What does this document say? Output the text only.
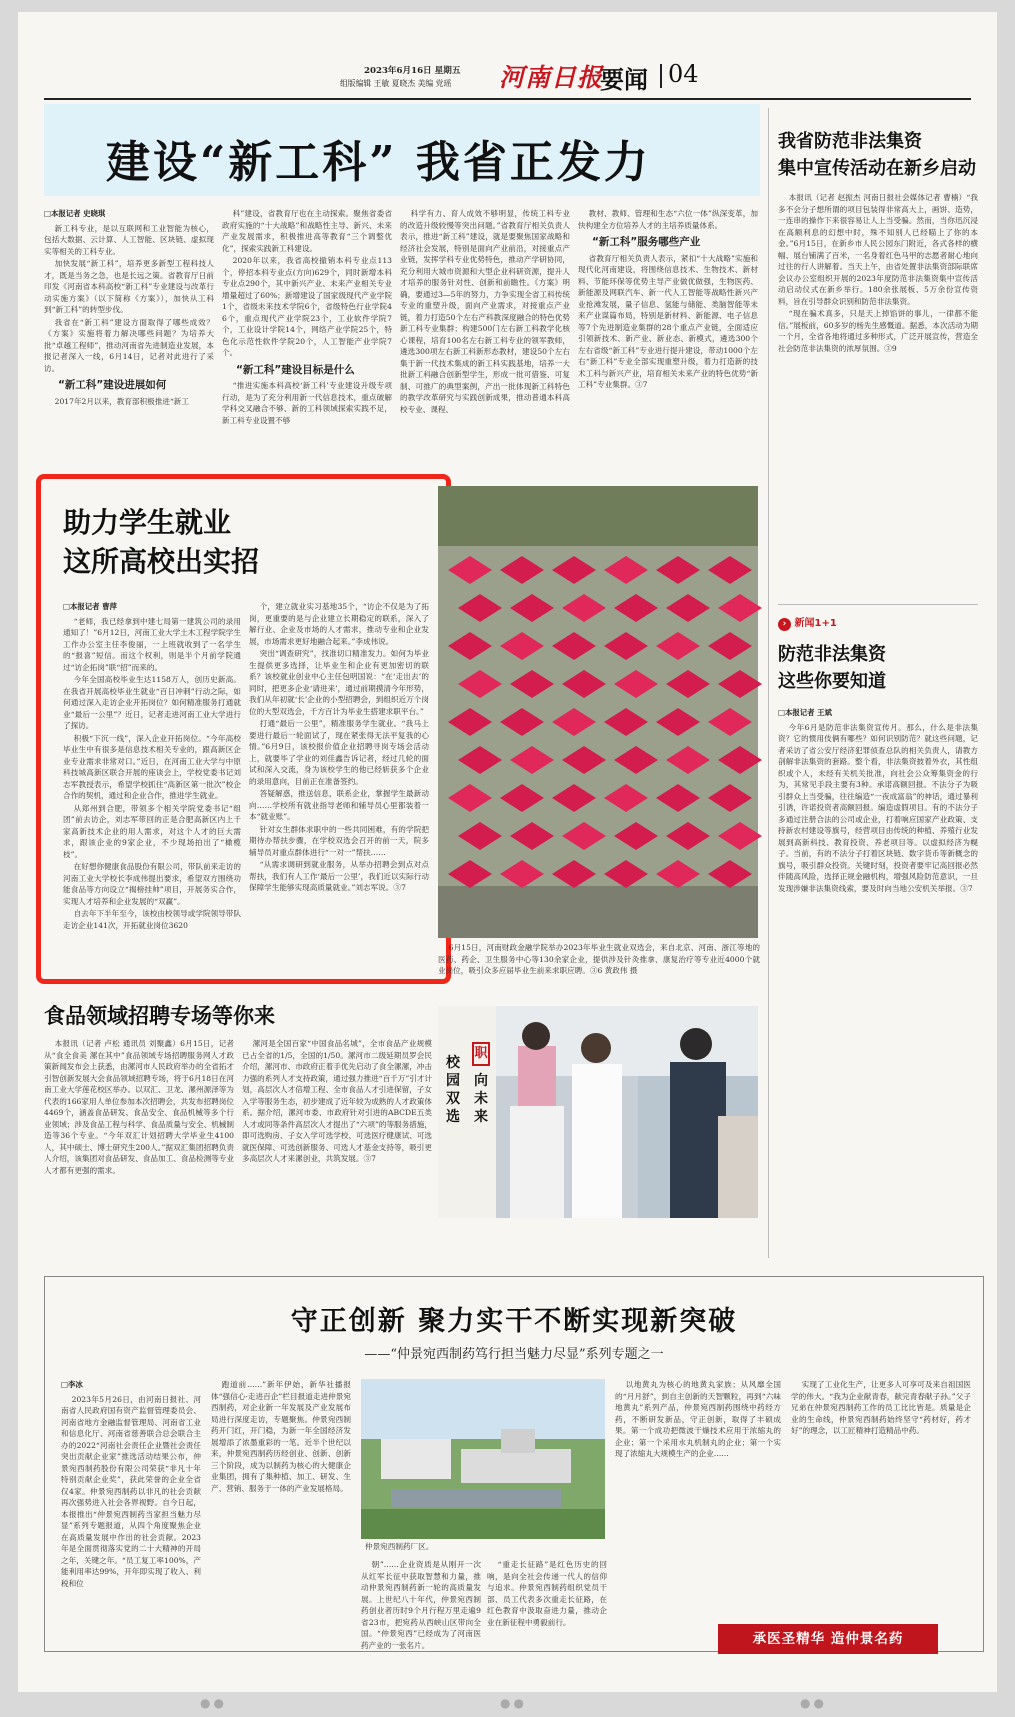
2023年6月16日 星期五
组版编辑 王敏 夏晓杰 美编 党瑶 河南日报
要闻 04
建设“新工科” 我省正发力
□本报记者 史晓琪

新工科专业，是以互联网和工业智能为核心，包括大数据、云计算、人工智能、区块链、虚拟现实等相关的工科专业。

加快发展“新工科”，培养更多新型工程科技人才，既是当务之急，也是长远之策。省教育厅日前印发《河南省本科高校“新工科”专业建设与改革行动实施方案》（以下简称《方案》），加快从工科到“新工科”的转型步伐。

我省在“新工科”建设方面取得了哪些成效？《方案》实施将着力解决哪些问题？为培养大批“卓越工程师”，推动河南省先进制造业发展，本报记者深入一线，6月14日，记者对此进行了采访。

“新工科”建设进展如何

2017年2月以来，教育部积极推进“新工

科”建设，省教育厅也在主动探索。聚焦省委省政府实施的“十大战略”和战略性主导、新兴、未来产业发展需求，积极推进高等教育“三个调整优化”，探索实践新工科建设。

2020年以来，我省高校撤销本科专业点113个，停招本科专业点(方向)629个，同时新增本科专业点290个，其中新兴产业、未来产业相关专业增量超过了60%；新增建设了国家级现代产业学院1个，省级未来技术学院6个，省级特色行业学院46个，重点现代产业学院23个，工业软件学院7个，工业设计学院14个，网络产业学院25个，特色化示范性软件学院20个，人工智能产业学院7个。

“新工科”建设目标是什么

“推进实施本科高校‘新工科’专业建设升级专项行动，是为了充分利用新一代信息技术，重点破解学科交叉融合不够、新的工科领域探索实践不足，新工科专业设置不够

科学有力、育人成效不够明显，传统工科专业的改造升级较慢等突出问题。”省教育厅相关负责人表示，推进“新工科”建设，就是要聚焦国家战略和经济社会发展，特别是面向产业前沿，对接重点产业链，发挥学科专业优势特色，推动产学研协同，充分利用大城市资源和大型企业科研资源，提升人才培养的服务针对性、创新和前瞻性。《方案》明确，要通过3—5年的努力，力争实现全省工科传统专业的重塑升级，面向产业需求，对接重点产业链，着力打造50个左右产科教深度融合的特色优势新工科专业集群；构建500门左右新工科教学化核心课程，培育100名左右新工科专业的领军教师，遴选300项左右新工科新形态教材，建设50个左右集于新一代技术集成的新工科实践基地，培养一大批新工科融合创新型学生，形成一批可借鉴、可复制、可推广的典型案例，产出一批体现新工科特色的教学改革研究与实践创新成果，推动普通本科高校专业、课程、

教材、教师、管理和生态“六位一体”纵深变革，加快构建全方位培养人才的主培养质量体系。

“新工科”服务哪些产业

省教育厅相关负责人表示，紧扣“十大战略”实施和现代化河南建设，将围绕信息技术、生物技术、新材料、节能环保等优势主导产业做优做强，生物医药、新能源及网联汽车、新一代人工智能等战略性新兴产业抢滩发展，量子信息、氢能与储能、类脑智能等未来产业谋篇布局，特别是新材料、新能源、电子信息等7个先进制造业集群的28个重点产业链，全面适应引领新技术、新产业、新业态、新模式，遴选300个左右省级“新工科”专业进行提升建设，带动1000个左右“新工科”专业全部实现重塑升级，着力打造新的技术工科与新兴产业，培育相关未来产业的特色优势“新工科”专业集群。③7

助力学生就业
这所高校出实招
□本报记者 曹萍

“老师，我已经拿到中建七局第一建筑公司的录用通知了！”6月12日，河南工业大学土木工程学院学生工作办公室主任李俊丽，一上班就收到了一名学生的“报喜”短信。而这个权利，则是半个月前学院通过“访企拓岗”联“招”而来的。

今年全国高校毕业生达1158万人，创历史新高。在我省开展高校毕业生就业“百日冲刺”行动之际，如何通过深入走访企业开拓岗位？如何精准服务打通就业“最后一公里”？近日，记者走进河南工业大学进行了探访。

积极“下沉一线”，深入企业开拓岗位。“今年高校毕业生中有很多是信息技术相关专业的，跟高新区企业专业需求非常对口。”近日，在河南工业大学与中原科技城高新区联合开展的座谈会上，学校党委书记刘志军教授表示，希望学校抓住“高新区第一批次”校企合作的契机，通过和企业合作，推进学生就业。

从郑州到合肥，带领多个相关学院党委书记“组团”前去访企，刘志军带回的正是合肥高新区内上千家高新技术企业的用人需求，对这个人才的巨大需求，跟该企业的9家企业，不少现场拍出了“橄榄枝”。

在好想你健康食品股份有限公司，带队前来走访的河南工业大学校长李成伟提出要求，希望双方围绕功能食品等方向设立“揭榜挂帅”项目，开展务实合作，实现人才培养和企业发展的“双赢”。

自去年下半年至今，该校由校领导或学院领导带队走访企业141次，开拓就业岗位3620

个，建立就业实习基地35个，“访企不仅是为了拓岗，更重要的是与企业建立长期稳定的联系，深入了解行业、企业及市场的人才需求，推动专业和企业发展，市场需求更好地融合起来。”李成伟说。

突出“调查研究”，找准切口精准发力。如何为毕业生提供更多选择，让毕业生和企业有更加密切的联系？该校就业创业中心主任包明国说：“在‘走出去’的同时，把更多企业‘请进来’，通过前期摸清今年形势，我们从年初就‘长’企业的小型招聘会，到组织近万个岗位的大型双选会，千方百计为毕业生搭建求职平台。”

打通“最后一公里”，精准服务学生就业。“我马上要进行最后一轮面试了，现在紧张得无法平复我的心情。”6月9日，该校报价值企业招聘寻岗专场会活动上，就要毕了学业的刘佳鑫告诉记者，经过几轮的面试和深入交流，身为该校学生的他已经斩获多个企业的录用意向，目前正在准备签约。

答疑解惑，推送信息，联系企业，掌握学生最新动向……学校所有就业指导老师和辅导员心里都装着一本“就业账”。

针对女生群体求职中的一些共同困难，有的学院把期待办帮扶步骤，在学校双选会召开的前一天，院多辅导员对重点群体进行“一对一”帮扶……

“从需求调研到就业服务，从举办招聘会到点对点帮扶，我们有人工作‘最后一公里’，我们近以实际行动保障学生能够实现高质量就业。”刘志军说。③7

6月15日，河南财政金融学院举办2023年毕业生就业双选会，来自北京、河南、浙江等地的医药、药企、卫生服务中心等130余家企业，提供涉及针灸推拿、康复治疗等专业近4000个就业岗位，吸引众多应届毕业生前来求职应聘。③6 黄政伟 摄

食品领域招聘专场等你来

本报讯（记者 卢松 通讯员 刘聚鑫）6月15日，记者从“食全食美 漯在其中”食品领域专场招聘服务网人才政策新闻发布会上获悉，由漯河市人民政府举办的全省拓才引智创新发展大会食品领域招聘专场，将于6月18日在河南工业大学莲花校区举办。以双汇、卫龙、漯州源泽等为代表的166家用人单位参加本次招聘会，共发布招聘岗位4469个，涵盖食品研发、食品安全、食品机械等多个行业领域；涉及食品工程与科学、食品质量与安全、机械制造等36个专业。“今年双汇计划招聘大学毕业生4100人，其中硕士、博士研究生200人。”据双汇集团招聘负责人介绍，该集团对食品研发、食品加工、食品检测等专业人才都有更强的需求。

漯河是全国百家“中国食品名城”，全市食品产业规模已占全省的1/5，全国的1/50。漯河市二级延期员罗会民介绍，漯河市、市政府正着手优先启动了食全漯漯，冲击力强的系列人才支持政策，通过强力推进“百千万”引才计划，高层次人才倍增工程、全市食品人才引进保留，子女入学等服务生态，初步建成了近年较为成熟的人才政策体系。据介绍，漯河市委、市政府针对引进的ABCDE五类人才或同等条件高层次人才提出了“六项”的等服务措施，即可选购房、子女入学可选学校、可选医疗健康试、可选就医保障、可选创新服务、可选人才基金支持等，吸引更多高层次人才来漯创业，共筑发展。③7

校园双选
职
向未来
我省防范非法集资
集中宣传活动在新乡启动

本报讯（记者 赵振杰 河南日报社会媒体记者 曹楠）“我多不会分子想所谓的项目包装得非常高大上，画饼、造势，一连串的操作下来很容易让人上当受骗。然而，当你迅沉浸在高额利息的幻想中时，殊不知别人已经瞄上了你的本金。”6月15日，在新乡市人民公园东门附近，各式各样的横幅、展台铺满了百米，一名身着红色马甲的志愿者耐心地向过往的行人讲解着。当天上午，由省处置非法集资部际联席会议办公室组织开展的2023年度防范非法集资集中宣传活动启动仪式在新乡举行。180余张展板、5万余份宣传资料，旨在引导群众识别和防范非法集资。

“现在骗术真多，只是天上掉馅饼的事儿，一律都不能信。”展板前，60多岁的杨先生感慨道。据悉，本次活动为期一个月，全省各地将通过多种形式，广泛开展宣传，营造全社会防范非法集资的浓厚氛围。③9

› 新闻1+1
防范非法集资
这些你要知道
□本报记者 王斌

今年6月是防范非法集资宣传月。那么，什么是非法集资？它的惯用伎俩有哪些？如何识别防范？就这些问题，记者采访了省公安厅经济犯罪侦查总队的相关负责人，请教方剖解非法集资的套路。整个看，非法集资披着外衣，其性组织或个人，未经有关机关批准，向社会公众筹集资金的行为，其常见手段主要有3种。承诺高额回报。不法分子为吸引群众上当受骗，往往编造“一夜成富翁”的神话，通过暴利引诱，许诺投资者高额回报。编造虚假项目。有的不法分子多通过注册合法的公司或企业，打着响应国家产业政策、支持新农村建设等旗号，经营项目由传统的种植、养殖行业发展到高新科技、教育投资、养老项目等。以虚拟经济为幌子。当前，有的不法分子打着区块链、数字货币等新概念的旗号，吸引群众投资。关键时刻，投资者要牢记高回报必然伴随高风险，选择正规金融机构，增强风险防范意识，一旦发现涉嫌非法集资线索，要及时向当地公安机关举报。③7

守正创新 聚力实干不断实现新突破
——“仲景宛西制药笃行担当魅力尽显”系列专题之一
□李冰

2023年5月26日，由河南日报社、河南省人民政府国有资产监督管理委员会、河南省地方金融监督管理局、河南省工业和信息化厅、河南省慈善联合总会联合主办的2022“河南社会责任企业暨社会责任突出贡献企业家”推选活动结果公布，仲景宛西制药股份有限公司荣获“非凡十年 特别贡献企业奖”，获此荣誉的企业全省仅4家。仲景宛西制药以非凡的社会贡献再次强势进入社会各界视野。自今日起，本报推出“仲景宛西制药当家担当魅力尽显”系列专题报道，从四个角度聚焦企业在高质量发展中作出的社会贡献。2023年是全面贯彻落实党的二十大精神的开局之年，关键之年。“员工复工率100%，产能利用率达99%，开年即实现了收入、利税和位

跑道前……”新年伊始，新华社播报体“强信心·走进百企”栏目报道走进仲景宛西制药，对企业新一年发展及产业发展布局进行深度走访，专题聚焦。仲景宛西制药开门红，开门稳，为新一年全国经济发展增添了浓墨重彩的一笔。近半个世纪以来，仲景宛西制药历经创业、创新、创新三个阶段，成为以制药为核心的大健康企业集团，拥有了集种植、加工、研发、生产、营销、服务于一体的产业发展格局。

仲景宛西制药厂区。

朝”……企业资质是从刚开一次从红军长征中获取智慧和力量，推动仲景宛西制药新一轮的高质量发展。上世纪八十年代，仲景宛西制药创业者历时9个月行程万里走遍9省23市，把宛药从西峡山区带向全国。“仲景宛西”已经成为了河南医药产业的一张名片。

“重走长征路”是红色历史的回响，是向全社会传递一代人的信仰与追求。仲景宛西制药组织党员干部、员工代表多次重走长征路，在红色教育中汲取奋进力量，推动企业在新征程中勇毅前行。

以地黄丸为核心的地黄丸家族；从风靡全国的“月月舒”，到自主创新的天智颗粒，再到“六味地黄丸”系列产品，仲景宛西制药围绕中药经方药，不断研发新品，守正创新，取得了丰硕成果。第一个成功把微波干燥技术应用于浓缩丸的企业；第一个采用水丸机制丸的企业；第一个实现了浓缩丸大规模生产的企业……

实现了工业化生产，让更多人可享可及来自祖国医学的伟大。“我为企业献青春，献完青春献子孙。”父子兄弟在仲景宛西制药工作的员工比比皆是。质量是企业的生命线，仲景宛西制药始终坚守“药材好，药才好”的理念，以工匠精神打造精品中药。

承医圣精华 造仲景名药
●●	●●	●●
